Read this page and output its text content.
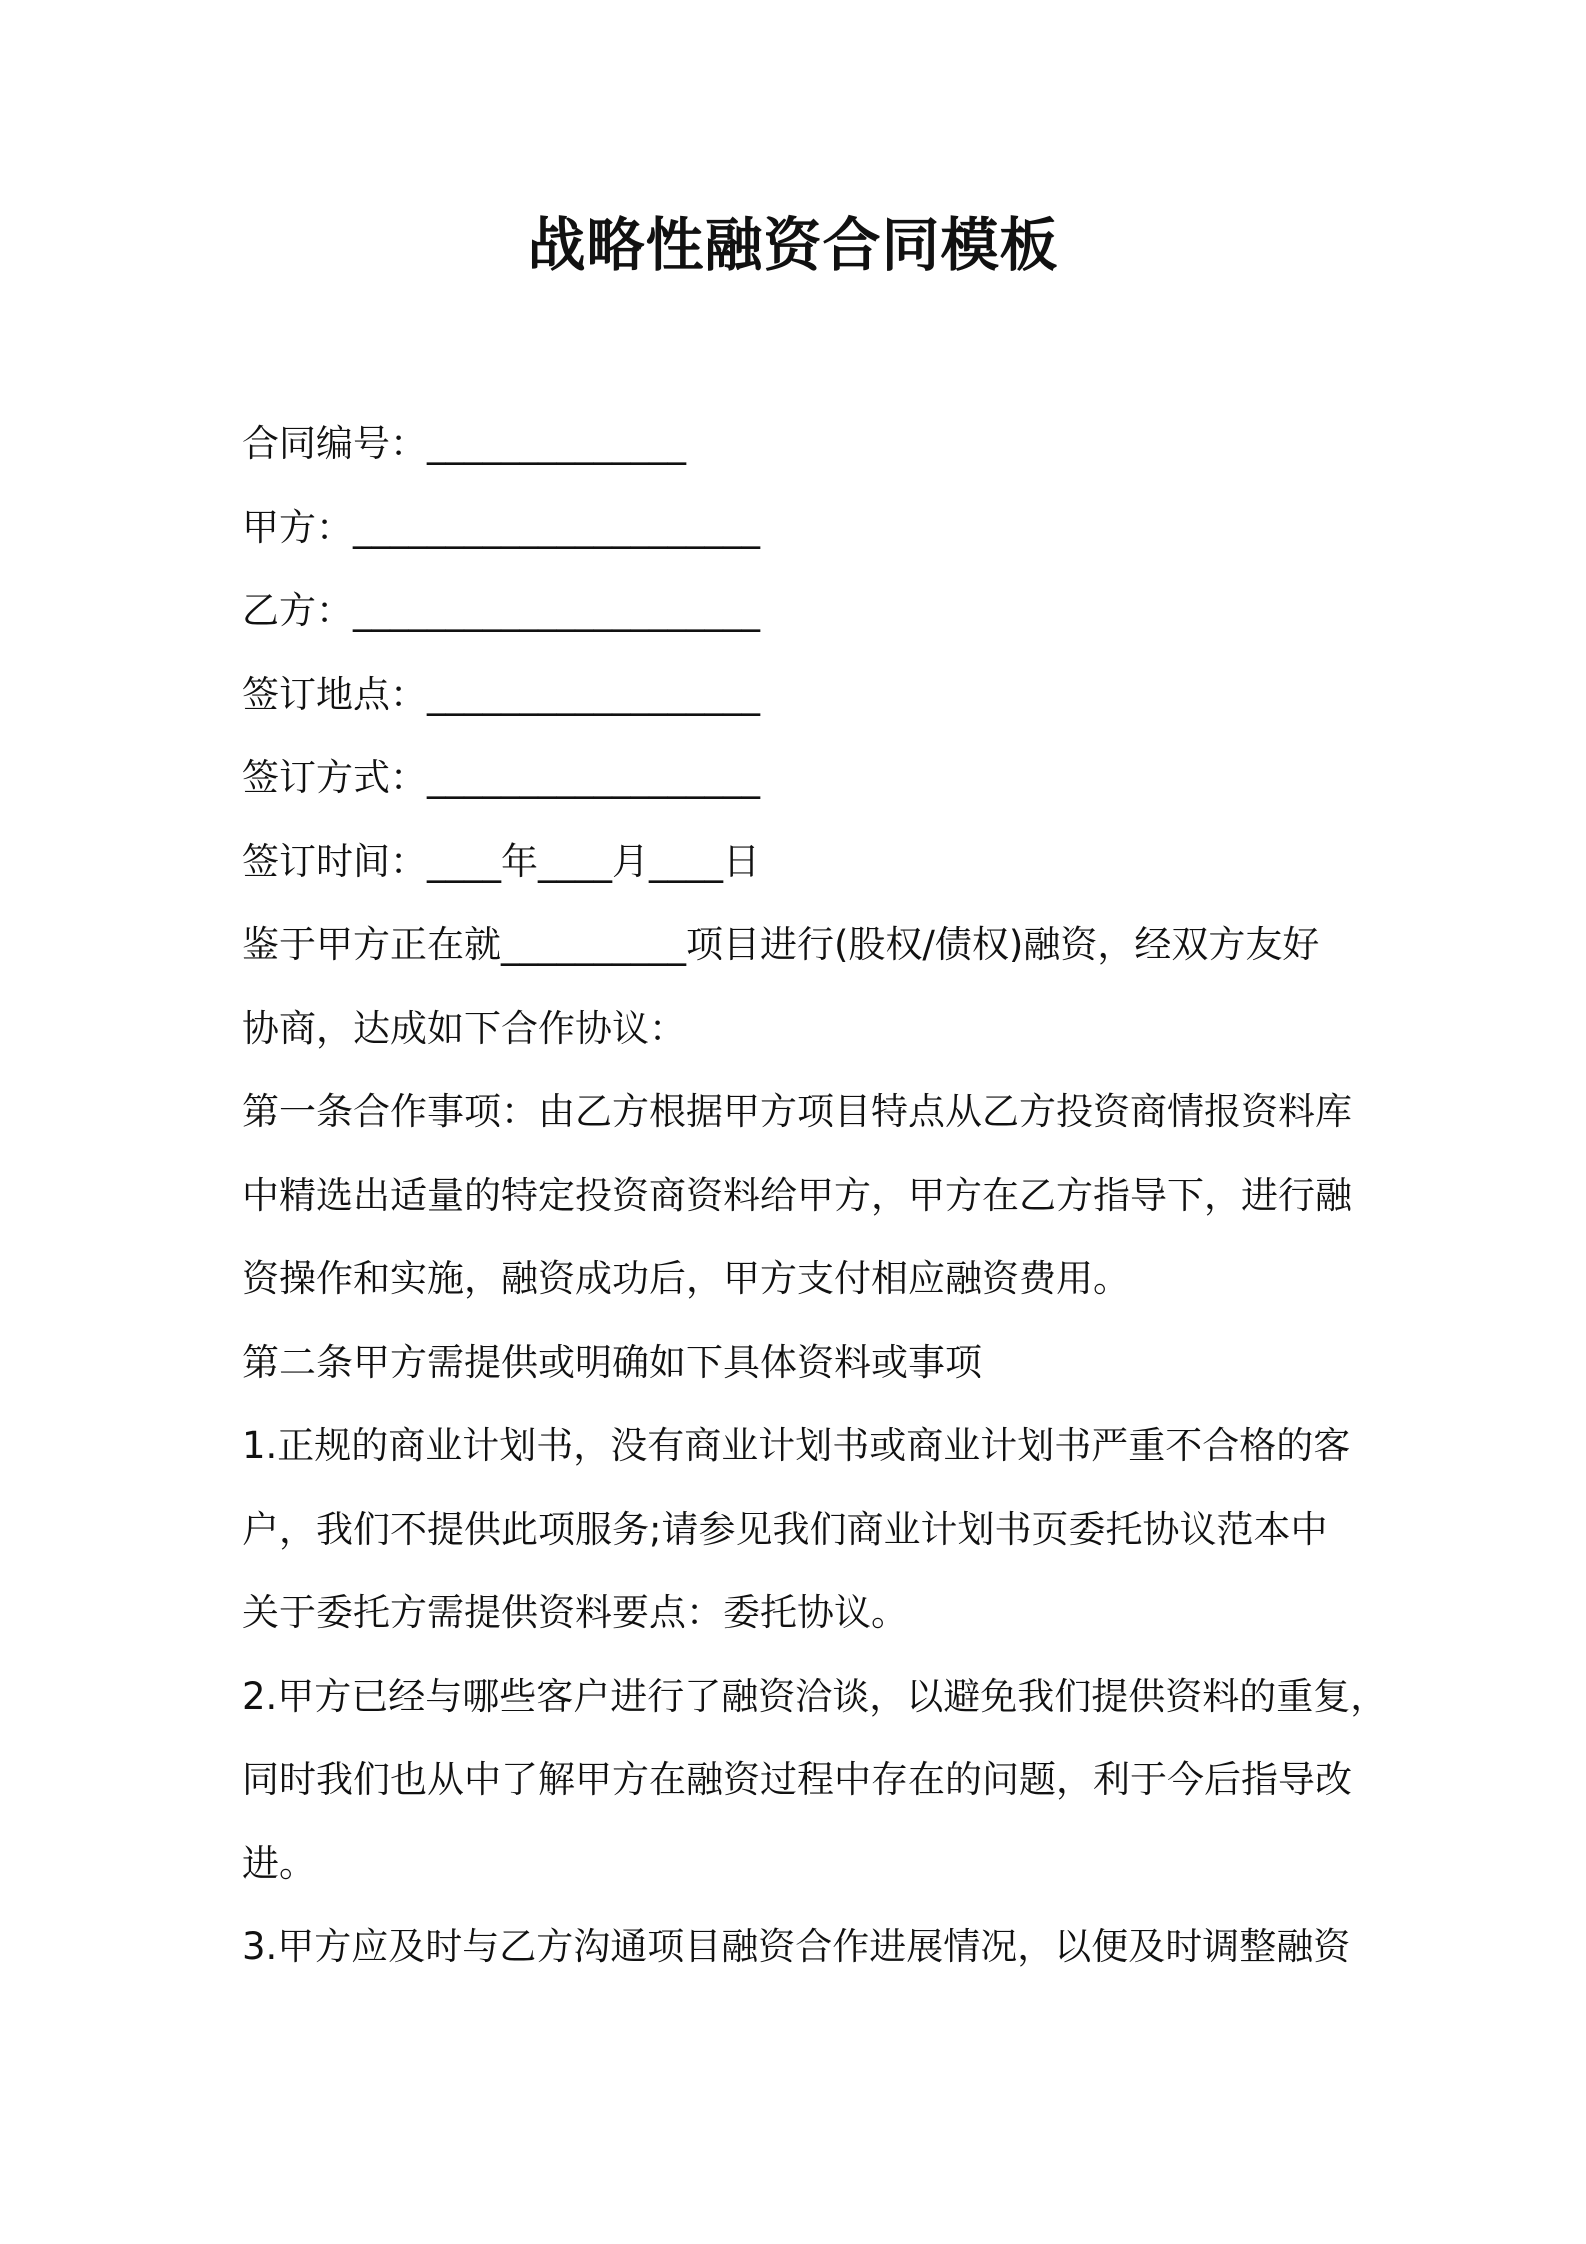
战略性融资合同模板
合同编号：______________
甲方：______________________
乙方：______________________
签订地点：__________________
签订方式：__________________
签订时间：____年____月____日
鉴于甲方正在就__________项目进行(股权/债权)融资，经双方友好
协商，达成如下合作协议：
第一条合作事项：由乙方根据甲方项目特点从乙方投资商情报资料库
中精选出适量的特定投资商资料给甲方，甲方在乙方指导下，进行融
资操作和实施，融资成功后，甲方支付相应融资费用。
第二条甲方需提供或明确如下具体资料或事项
1.正规的商业计划书，没有商业计划书或商业计划书严重不合格的客
户，我们不提供此项服务;请参见我们商业计划书页委托协议范本中
关于委托方需提供资料要点：委托协议。
2.甲方已经与哪些客户进行了融资洽谈，以避免我们提供资料的重复，
同时我们也从中了解甲方在融资过程中存在的问题，利于今后指导改
进。
3.甲方应及时与乙方沟通项目融资合作进展情况，以便及时调整融资
